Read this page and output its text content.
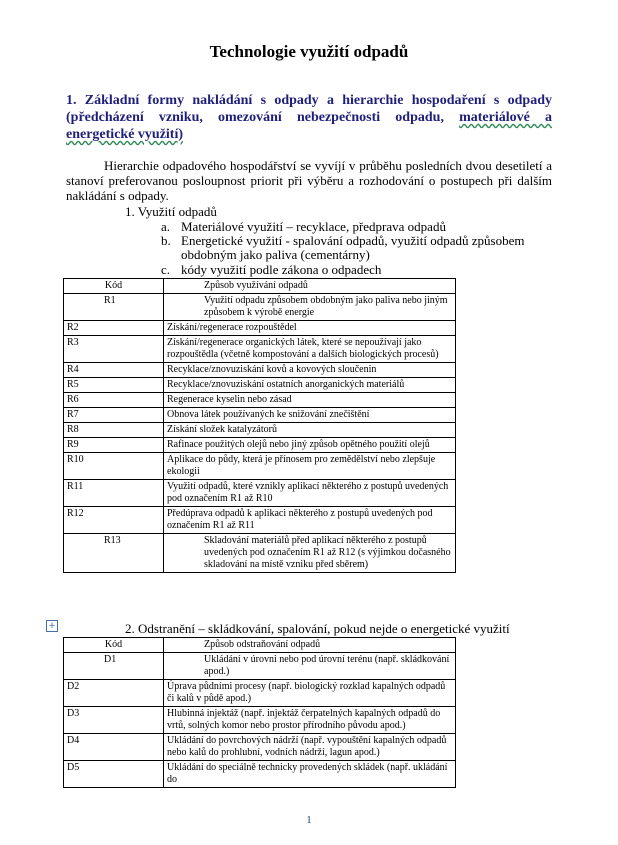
Technologie využití odpadů
1. Základní formy nakládání s odpady a hierarchie hospodaření s odpady (předcházení vzniku, omezování nebezpečnosti odpadu, materiálové a energetické využití)
Hierarchie odpadového hospodářství se vyvíjí v průběhu posledních dvou desetiletí a stanoví preferovanou posloupnost priorit při výběru a rozhodování o postupech při dalším nakládání s odpady.
1. Využití odpadů
a. Materiálové využití – recyklace, předprava odpadů
b. Energetické využití - spalování odpadů, využití odpadů způsobem obdobným jako paliva (cementárny)
c. kódy využití podle zákona o odpadech
Kód	Způsob využívání odpadů
R1	Využití odpadu způsobem obdobným jako paliva nebo jiným způsobem k výrobě energie
R2	Získání/regenerace rozpouštědel
R3	Získání/regenerace organických látek, které se nepoužívají jako rozpouštědla (včetně kompostování a dalších biologických procesů)
R4	Recyklace/znovuziskání kovů a kovových sloučenin
R5	Recyklace/znovuziskání ostatních anorganických materiálů
R6	Regenerace kyselin nebo zásad
R7	Obnova látek používaných ke snižování znečištění
R8	Získání složek katalyzátorů
R9	Rafinace použitých olejů nebo jiný způsob opětného použití olejů
R10	Aplikace do půdy, která je přínosem pro zemědělství nebo zlepšuje ekologii
R11	Využití odpadů, které vznikly aplikací některého z postupů uvedených pod označením R1 až R10
R12	Předúprava odpadů k aplikaci některého z postupů uvedených pod označením R1 až R11
R13	Skladování materiálů před aplikací některého z postupů uvedených pod označením R1 až R12 (s výjimkou dočasného skladování na místě vzniku před sběrem)
+	2. Odstranění – skládkování, spalování, pokud nejde o energetické využití
Kód	Způsob odstraňování odpadů
D1	Ukládání v úrovni nebo pod úrovní terénu (např. skládkování apod.)
D2	Úprava půdními procesy (např. biologický rozklad kapalných odpadů či kalů v půdě apod.)
D3	Hlubinná injektáž (např. injektáž čerpatelných kapalných odpadů do vrtů, solných komor nebo prostor přírodního původu apod.)
D4	Ukládání do povrchových nádrží (např. vypouštění kapalných odpadů nebo kalů do prohlubní, vodních nádrží, lagun apod.)
D5	Ukládání do speciálně technicky provedených skládek (např. ukládání do
1
